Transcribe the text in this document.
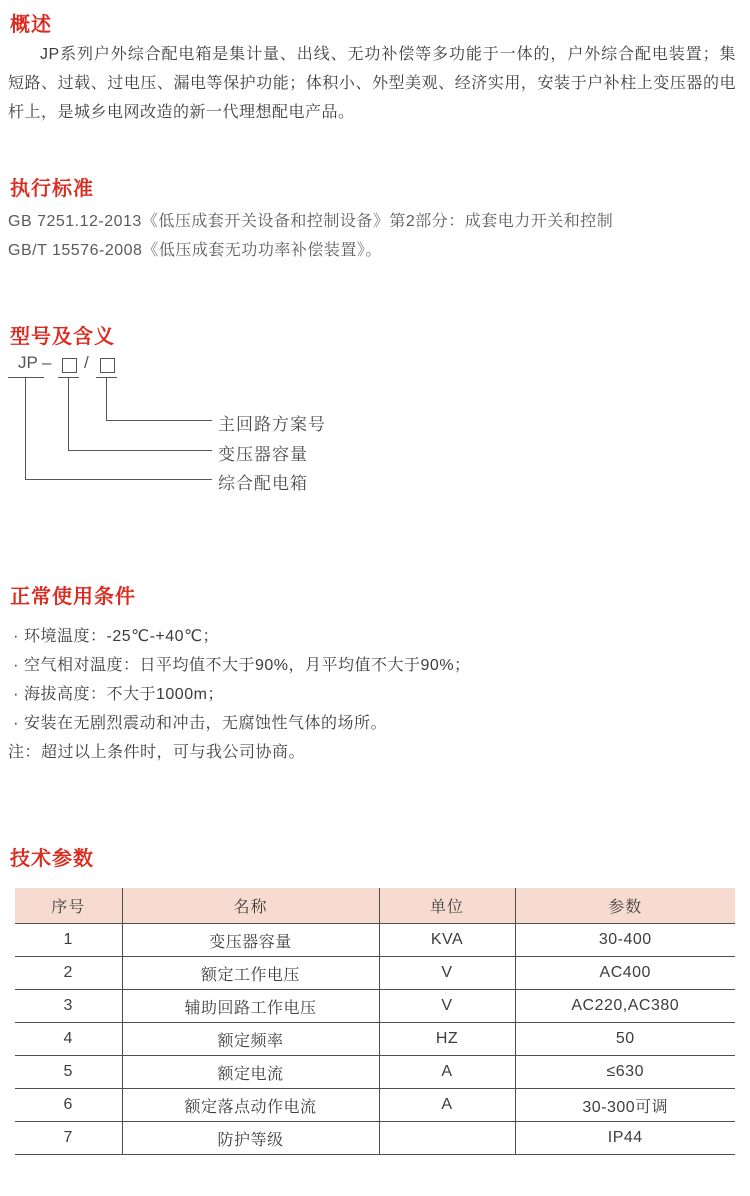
概述
JP系列户外综合配电箱是集计量、出线、无功补偿等多功能于一体的，户外综合配电装置；集短路、过载、过电压、漏电等保护功能；体积小、外型美观、经济实用，安装于户补柱上变压器的电杆上，是城乡电网改造的新一代理想配电产品。
执行标准
GB 7251.12-2013《低压成套开关设备和控制设备》第2部分：成套电力开关和控制
GB/T 15576-2008《低压成套无功功率补偿装置》。
型号及含义
JP – /
主回路方案号
变压器容量
综合配电箱
正常使用条件
· 环境温度：-25℃-+40℃；
· 空气相对温度：日平均值不大于90%，月平均值不大于90%；
· 海拔高度：不大于1000m；
· 安装在无剧烈震动和冲击，无腐蚀性气体的场所。
注：超过以上条件时，可与我公司协商。
技术参数
序号	名称	单位	参数
1	变压器容量	KVA	30-400
2	额定工作电压	V	AC400
3	辅助回路工作电压	V	AC220,AC380
4	额定频率	HZ	50
5	额定电流	A	≤630
6	额定落点动作电流	A	30-300可调
7	防护等级		IP44
